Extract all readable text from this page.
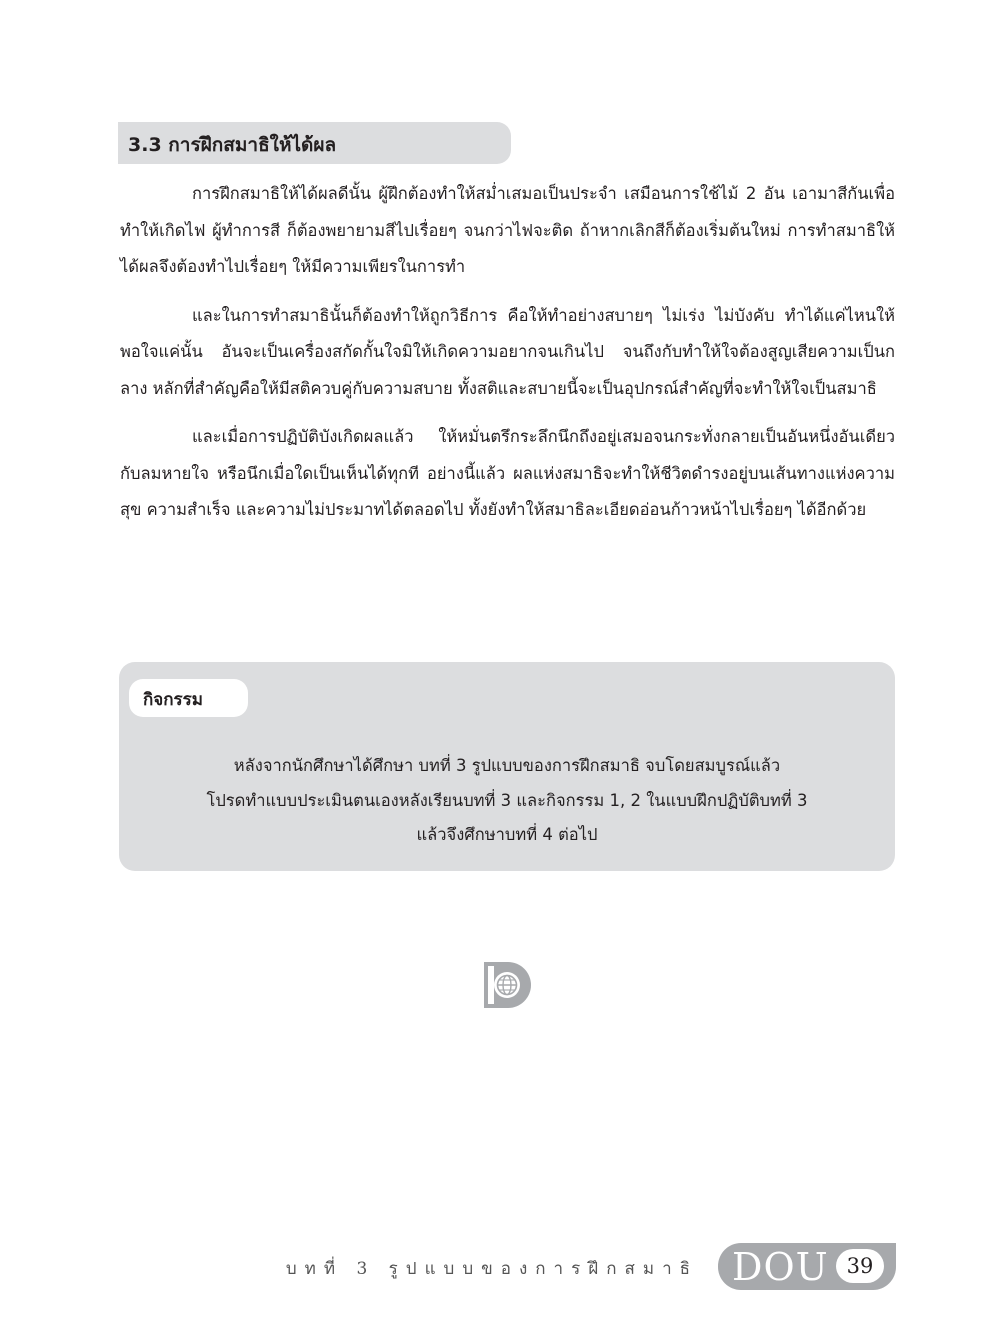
3.3 การฝึกสมาธิให้ได้ผล

การฝึกสมาธิให้ได้ผลดีนั้น ผู้ฝึกต้องทำให้สม่ำเสมอเป็นประจำ เสมือนการใช้ไม้ 2 อัน เอามาสีกันเพื่อทำให้เกิดไฟ ผู้ทำการสี ก็ต้องพยายามสีไปเรื่อยๆ จนกว่าไฟจะติด ถ้าหากเลิกสีก็ต้องเริ่มต้นใหม่ การทำสมาธิให้ได้ผลจึงต้องทำไปเรื่อยๆ ให้มีความเพียรในการทำ

และในการทำสมาธินั้นก็ต้องทำให้ถูกวิธีการ คือให้ทำอย่างสบายๆ ไม่เร่ง ไม่บังคับ ทำได้แค่ไหนให้พอใจแค่นั้น อันจะเป็นเครื่องสกัดกั้นใจมิให้เกิดความอยากจนเกินไป จนถึงกับทำให้ใจต้องสูญเสียความเป็นกลาง หลักที่สำคัญคือให้มีสติควบคู่กับความสบาย ทั้งสติและสบายนี้จะเป็นอุปกรณ์สำคัญที่จะทำให้ใจเป็นสมาธิ

และเมื่อการปฏิบัติบังเกิดผลแล้ว ให้หมั่นตรึกระลึกนึกถึงอยู่เสมอจนกระทั่งกลายเป็นอันหนึ่งอันเดียวกับลมหายใจ หรือนึกเมื่อใดเป็นเห็นได้ทุกที อย่างนี้แล้ว ผลแห่งสมาธิจะทำให้ชีวิตดำรงอยู่บนเส้นทางแห่งความสุข ความสำเร็จ และความไม่ประมาทได้ตลอดไป ทั้งยังทำให้สมาธิละเอียดอ่อนก้าวหน้าไปเรื่อยๆ ได้อีกด้วย

กิจกรรม
หลังจากนักศึกษาได้ศึกษา บทที่ 3 รูปแบบของการฝึกสมาธิ จบโดยสมบูรณ์แล้ว
โปรดทำแบบประเมินตนเองหลังเรียนบทที่ 3 และกิจกรรม 1, 2 ในแบบฝึกปฏิบัติบทที่ 3
แล้วจึงศึกษาบทที่ 4 ต่อไป
บทที่ 3 รูปแบบของการฝึกสมาธิ DOU 39
